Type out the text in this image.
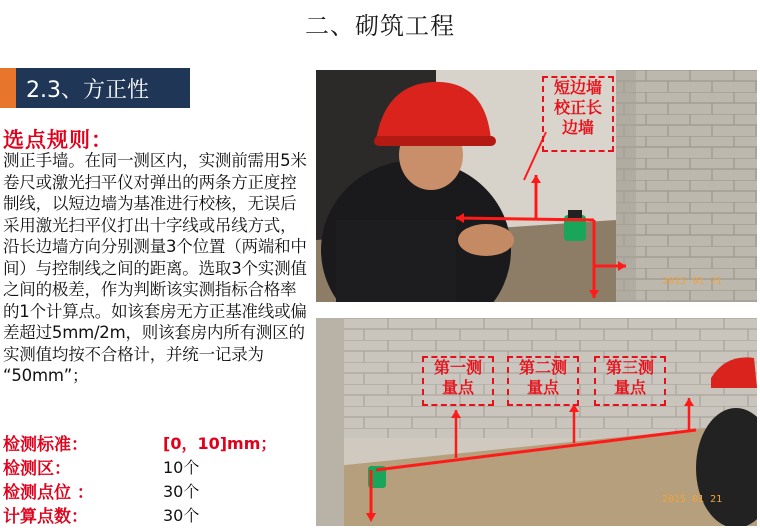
二、砌筑工程
2.3、方正性
选点规则：
测正手墙。在同一测区内，实测前需用5米卷尺或激光扫平仪对弹出的两条方正度控制线，以短边墙为基准进行校核，无误后采用激光扫平仪打出十字线或吊线方式，沿长边墙方向分别测量3个位置（两端和中间）与控制线之间的距离。选取3个实测值之间的极差，作为判断该实测指标合格率的1个计算点。如该套房无方正基准线或偏差超过5mm/2m，则该套房内所有测区的实测值均按不合格计，并统一记录为 “50mm”；
检测标准：	[0，10]mm；
检测区：	10个
检测点位 ：	30个
计算点数：	30个
短边墙
校正长
边墙
2015 01 21
第一测
量点
第二测
量点
第三测
量点
2015 01 21
